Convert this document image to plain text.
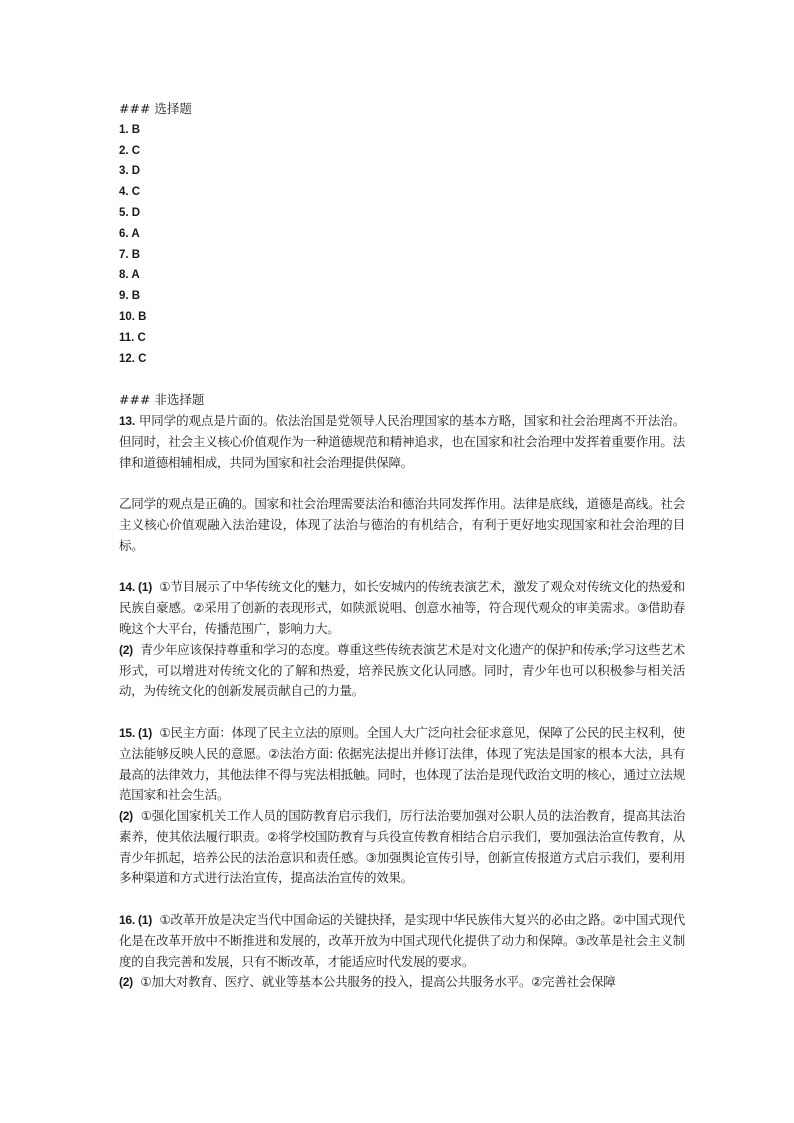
### 选择题
1. B
2. C
3. D
4. C
5. D
6. A
7. B
8. A
9. B
10. B
11. C
12. C
### 非选择题

13. 甲同学的观点是片面的。依法治国是党领导人民治理国家的基本方略，国家和社会治理离不开法治。但同时，社会主义核心价值观作为一种道德规范和精神追求，也在国家和社会治理中发挥着重要作用。法律和道德相辅相成，共同为国家和社会治理提供保障。

乙同学的观点是正确的。国家和社会治理需要法治和德治共同发挥作用。法律是底线，道德是高线。社会主义核心价值观融入法治建设，体现了法治与德治的有机结合，有利于更好地实现国家和社会治理的目标。

14. (1) ①节目展示了中华传统文化的魅力，如长安城内的传统表演艺术，激发了观众对传统文化的热爱和民族自豪感。②采用了创新的表现形式，如陕派说唱、创意水袖等，符合现代观众的审美需求。③借助春晚这个大平台，传播范围广，影响力大。

(2) 青少年应该保持尊重和学习的态度。尊重这些传统表演艺术是对文化遗产的保护和传承;学习这些艺术形式，可以增进对传统文化的了解和热爱，培养民族文化认同感。同时，青少年也可以积极参与相关活动，为传统文化的创新发展贡献自己的力量。

15. (1) ①民主方面：体现了民主立法的原则。全国人大广泛向社会征求意见，保障了公民的民主权利，使立法能够反映人民的意愿。②法治方面: 依据宪法提出并修订法律，体现了宪法是国家的根本大法，具有最高的法律效力，其他法律不得与宪法相抵触。同时，也体现了法治是现代政治文明的核心，通过立法规范国家和社会生活。

(2) ①强化国家机关工作人员的国防教育启示我们，厉行法治要加强对公职人员的法治教育，提高其法治素养，使其依法履行职责。②将学校国防教育与兵役宣传教育相结合启示我们，要加强法治宣传教育，从青少年抓起，培养公民的法治意识和责任感。③加强舆论宣传引导，创新宣传报道方式启示我们，要利用多种渠道和方式进行法治宣传，提高法治宣传的效果。

16. (1) ①改革开放是决定当代中国命运的关键抉择，是实现中华民族伟大复兴的必由之路。②中国式现代化是在改革开放中不断推进和发展的，改革开放为中国式现代化提供了动力和保障。③改革是社会主义制度的自我完善和发展，只有不断改革，才能适应时代发展的要求。

(2) ①加大对教育、医疗、就业等基本公共服务的投入，提高公共服务水平。②完善社会保障
